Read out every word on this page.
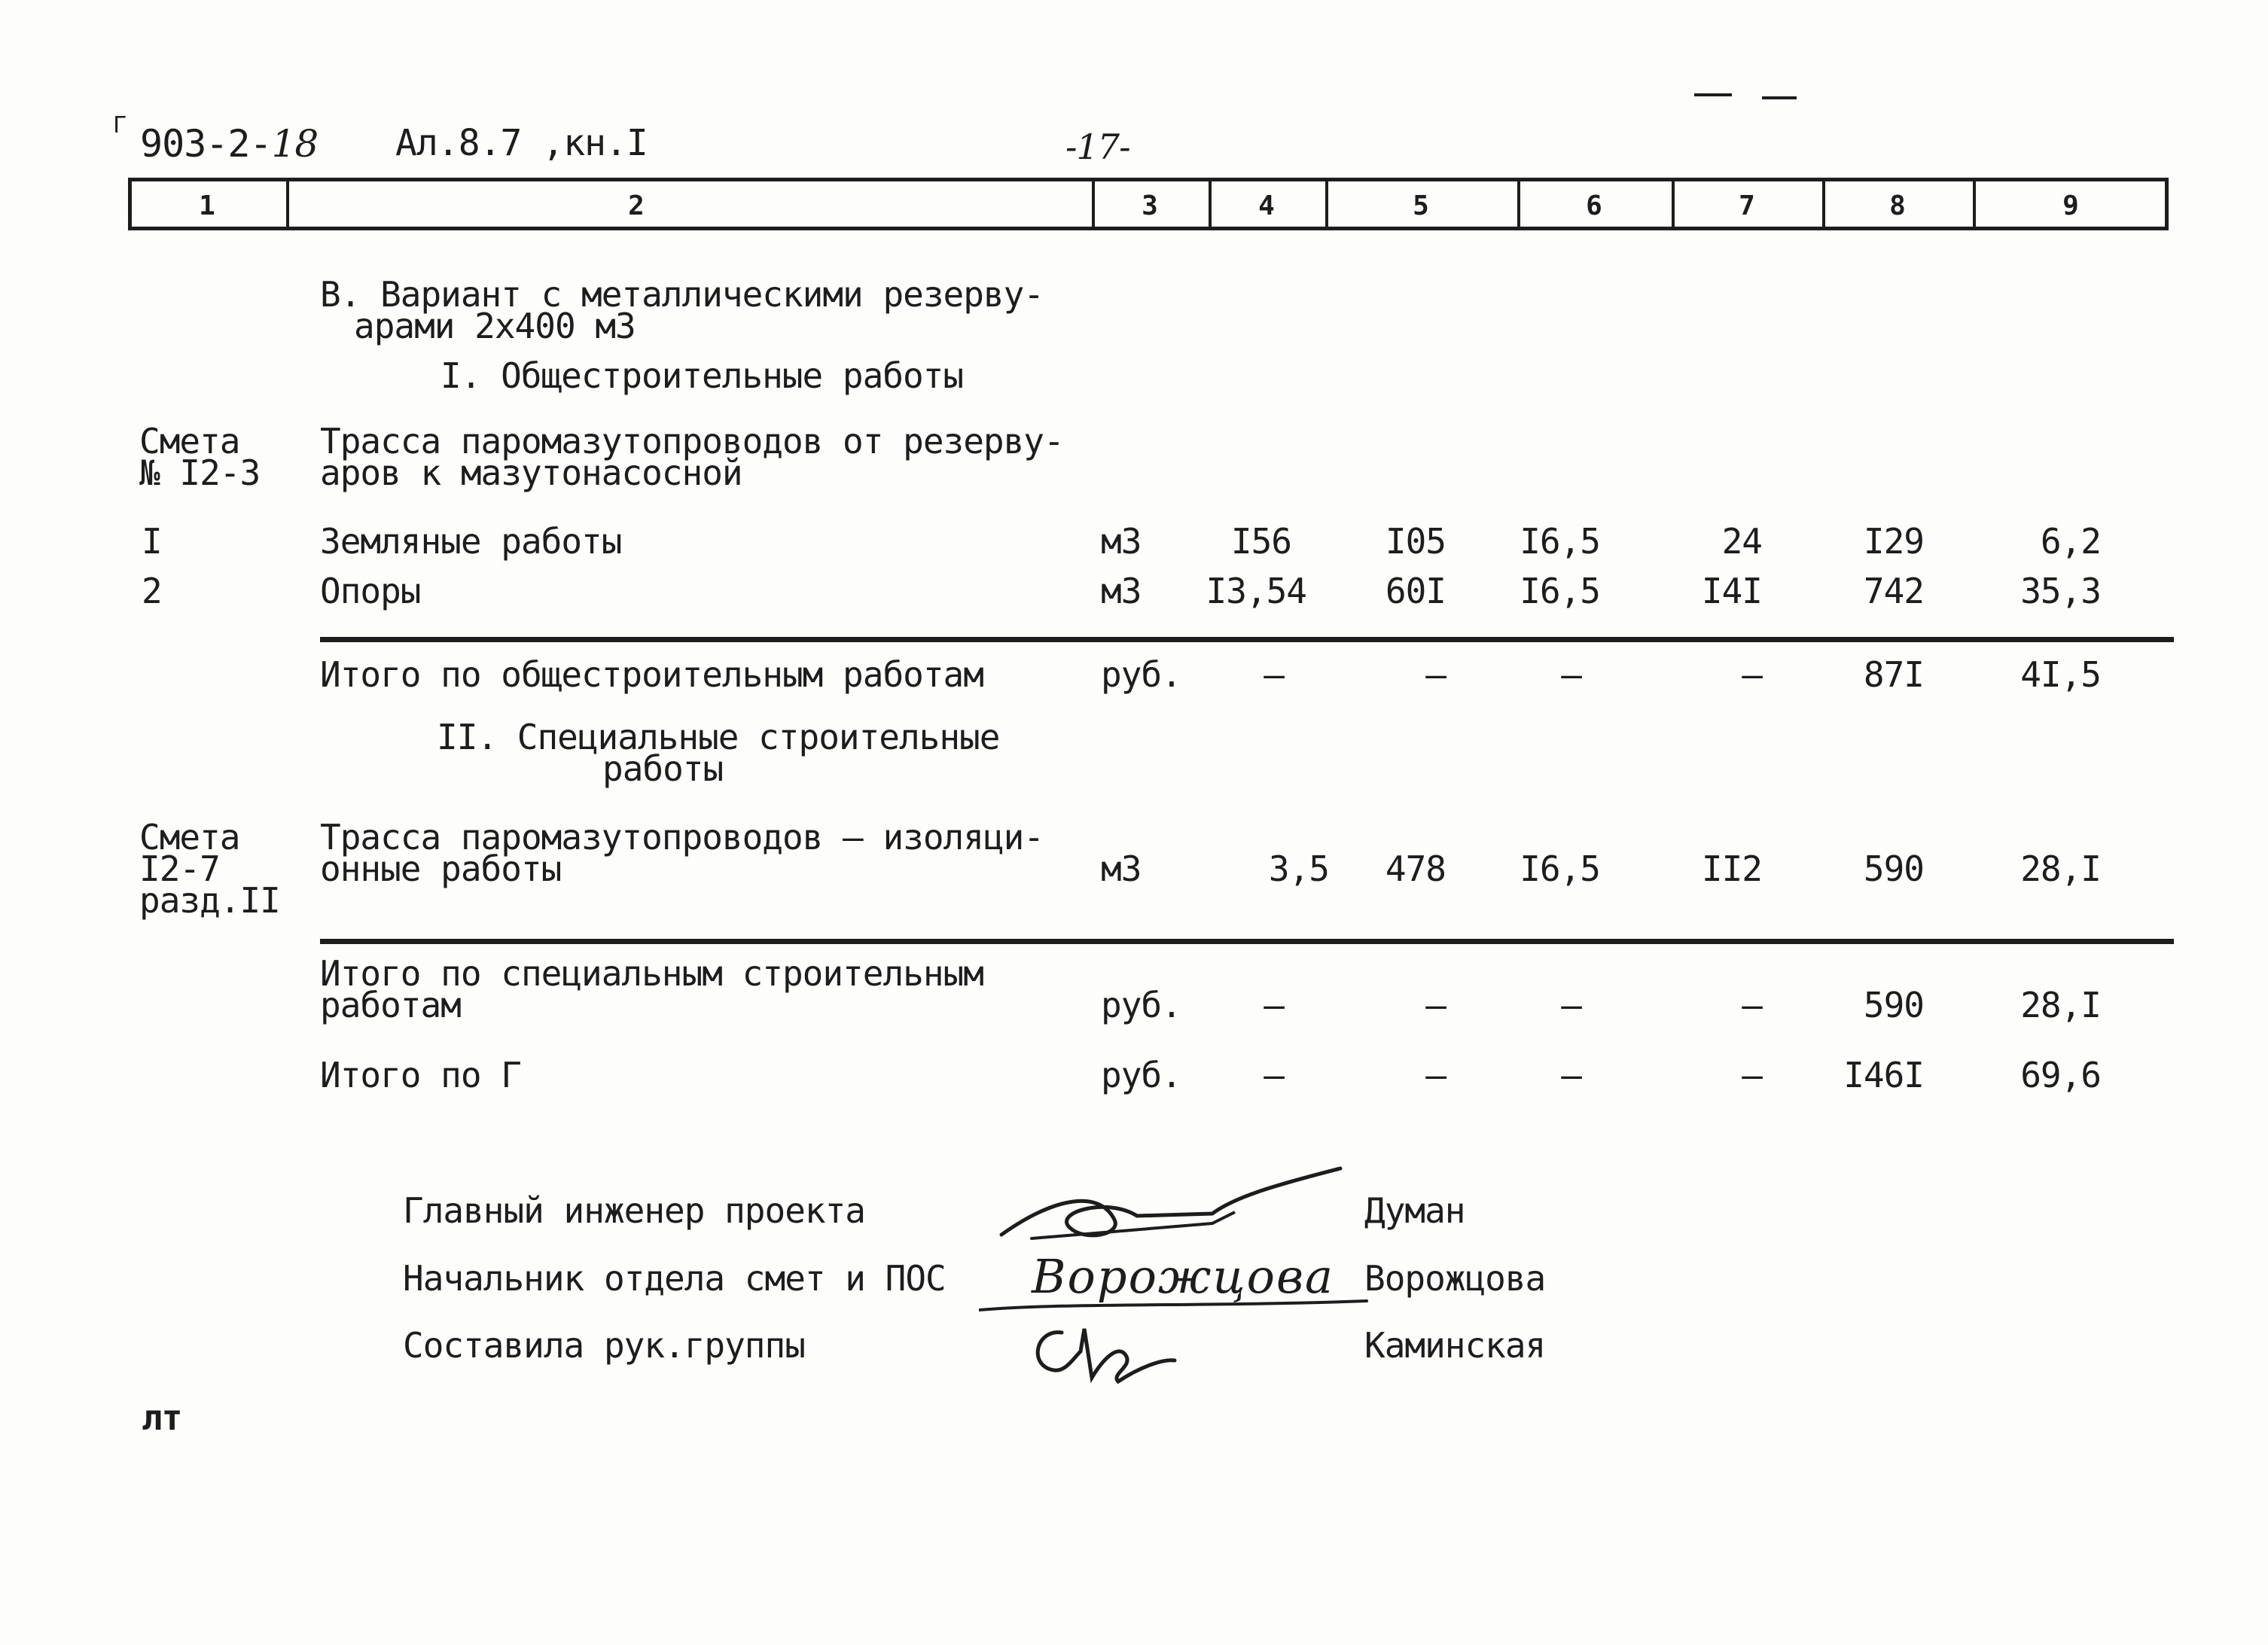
Г 903-2-18 Ал.8.7 ,кн.I	-17-
1	2	3	4	5	6	7	8	9
В. Вариант с металлическими резерву-
арами 2x400 м3
I. Общестроительные работы
Смета
№ I2-3
Трасса паромазутопроводов от резерву-
аров к мазутонасосной
I	Земляные работы	м3	I56	I05	I6,5	24	I29	6,2
2	Опоры	м3	I3,54	60I	I6,5	I4I	742	35,3
Итого по общестроительным работам	руб.	–	–	–	–	87I	4I,5
II. Специальные строительные
работы
Смета
I2-7
разд.II
Трасса паромазутопроводов – изоляци-
онные работы	м3	3,5	478	I6,5	II2	590	28,I
Итого по специальным строительным
работам	руб.	–	–	–	–	590	28,I
Итого по Г	руб.	–	–	–	–	I46I	69,6
Главный инженер проекта	Думан
Начальник отдела смет и ПОС	Ворожцова
Ворожцова
Составила рук.группы	Каминская
лт
